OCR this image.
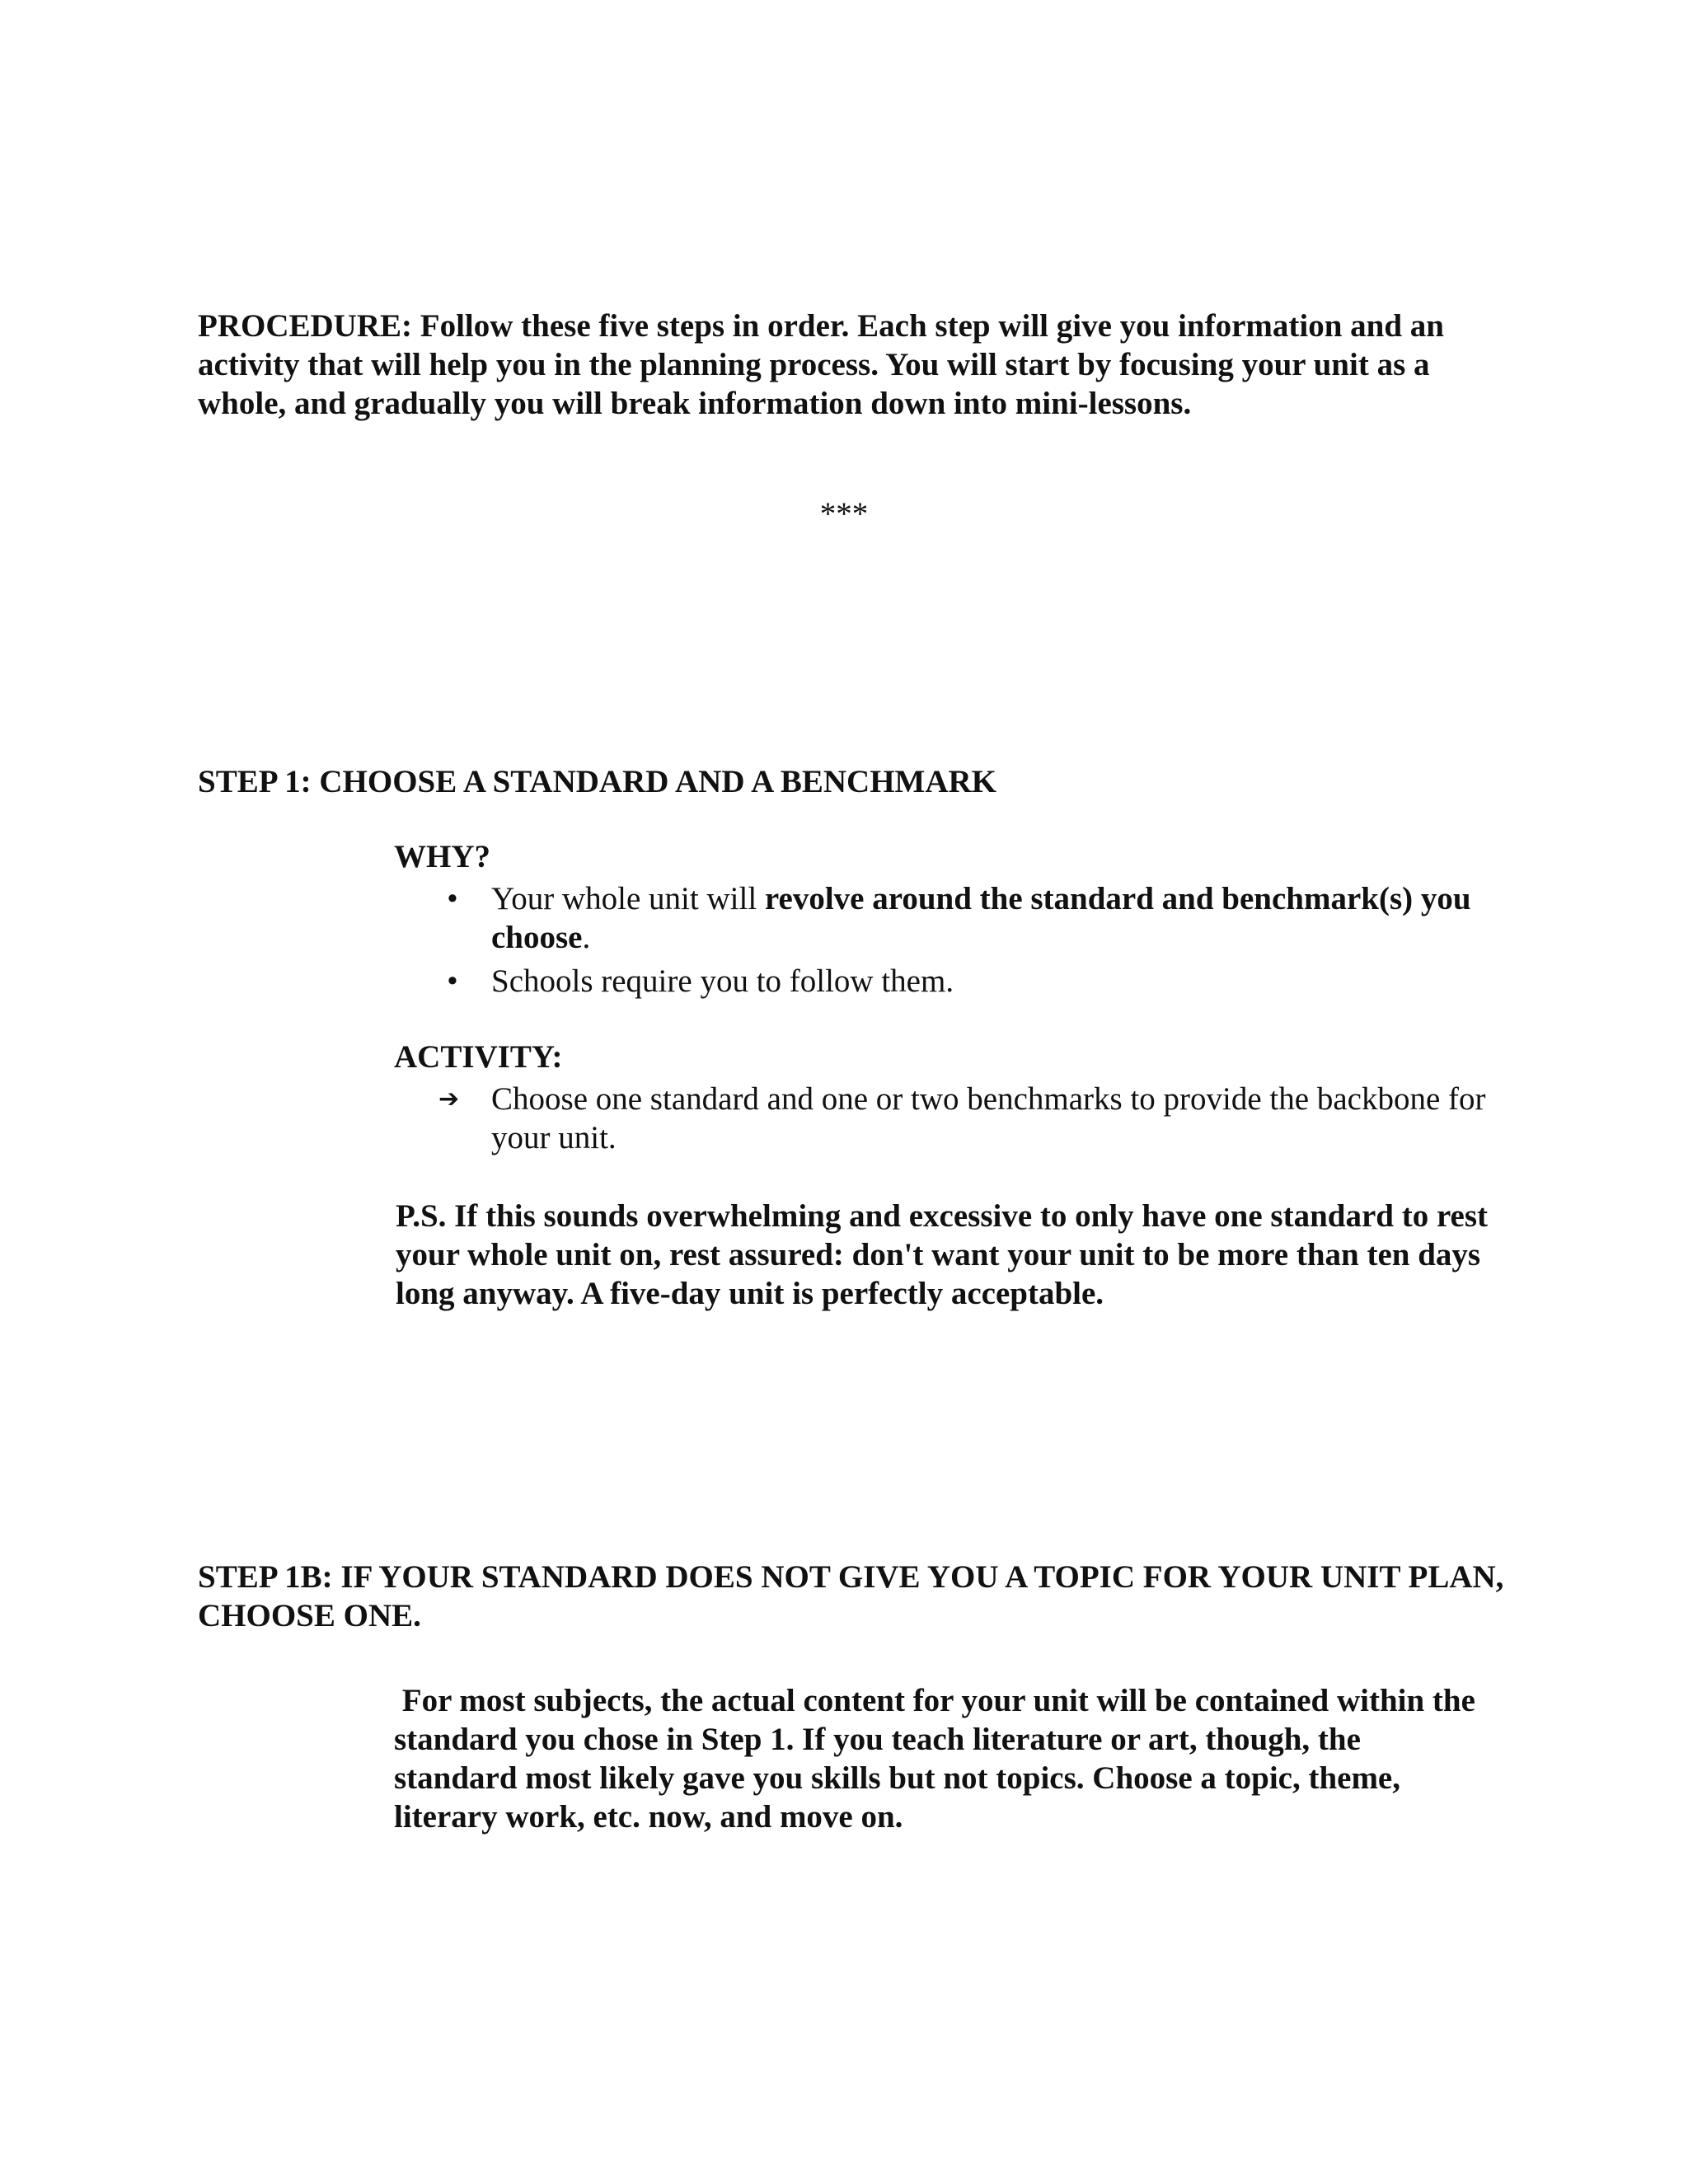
PROCEDURE: Follow these five steps in order. Each step will give you information and an activity that will help you in the planning process. You will start by focusing your unit as a whole, and gradually you will break information down into mini-lessons.

***

STEP 1: CHOOSE A STANDARD AND A BENCHMARK
WHY?
• Your whole unit will revolve around the standard and benchmark(s) you choose.
• Schools require you to follow them.
ACTIVITY:
➔ Choose one standard and one or two benchmarks to provide the backbone for your unit.

P.S. If this sounds overwhelming and excessive to only have one standard to rest your whole unit on, rest assured: don't want your unit to be more than ten days long anyway. A five-day unit is perfectly acceptable.

STEP 1B: IF YOUR STANDARD DOES NOT GIVE YOU A TOPIC FOR YOUR UNIT PLAN, CHOOSE ONE.

For most subjects, the actual content for your unit will be contained within the standard you chose in Step 1. If you teach literature or art, though, the standard most likely gave you skills but not topics. Choose a topic, theme, literary work, etc. now, and move on.
